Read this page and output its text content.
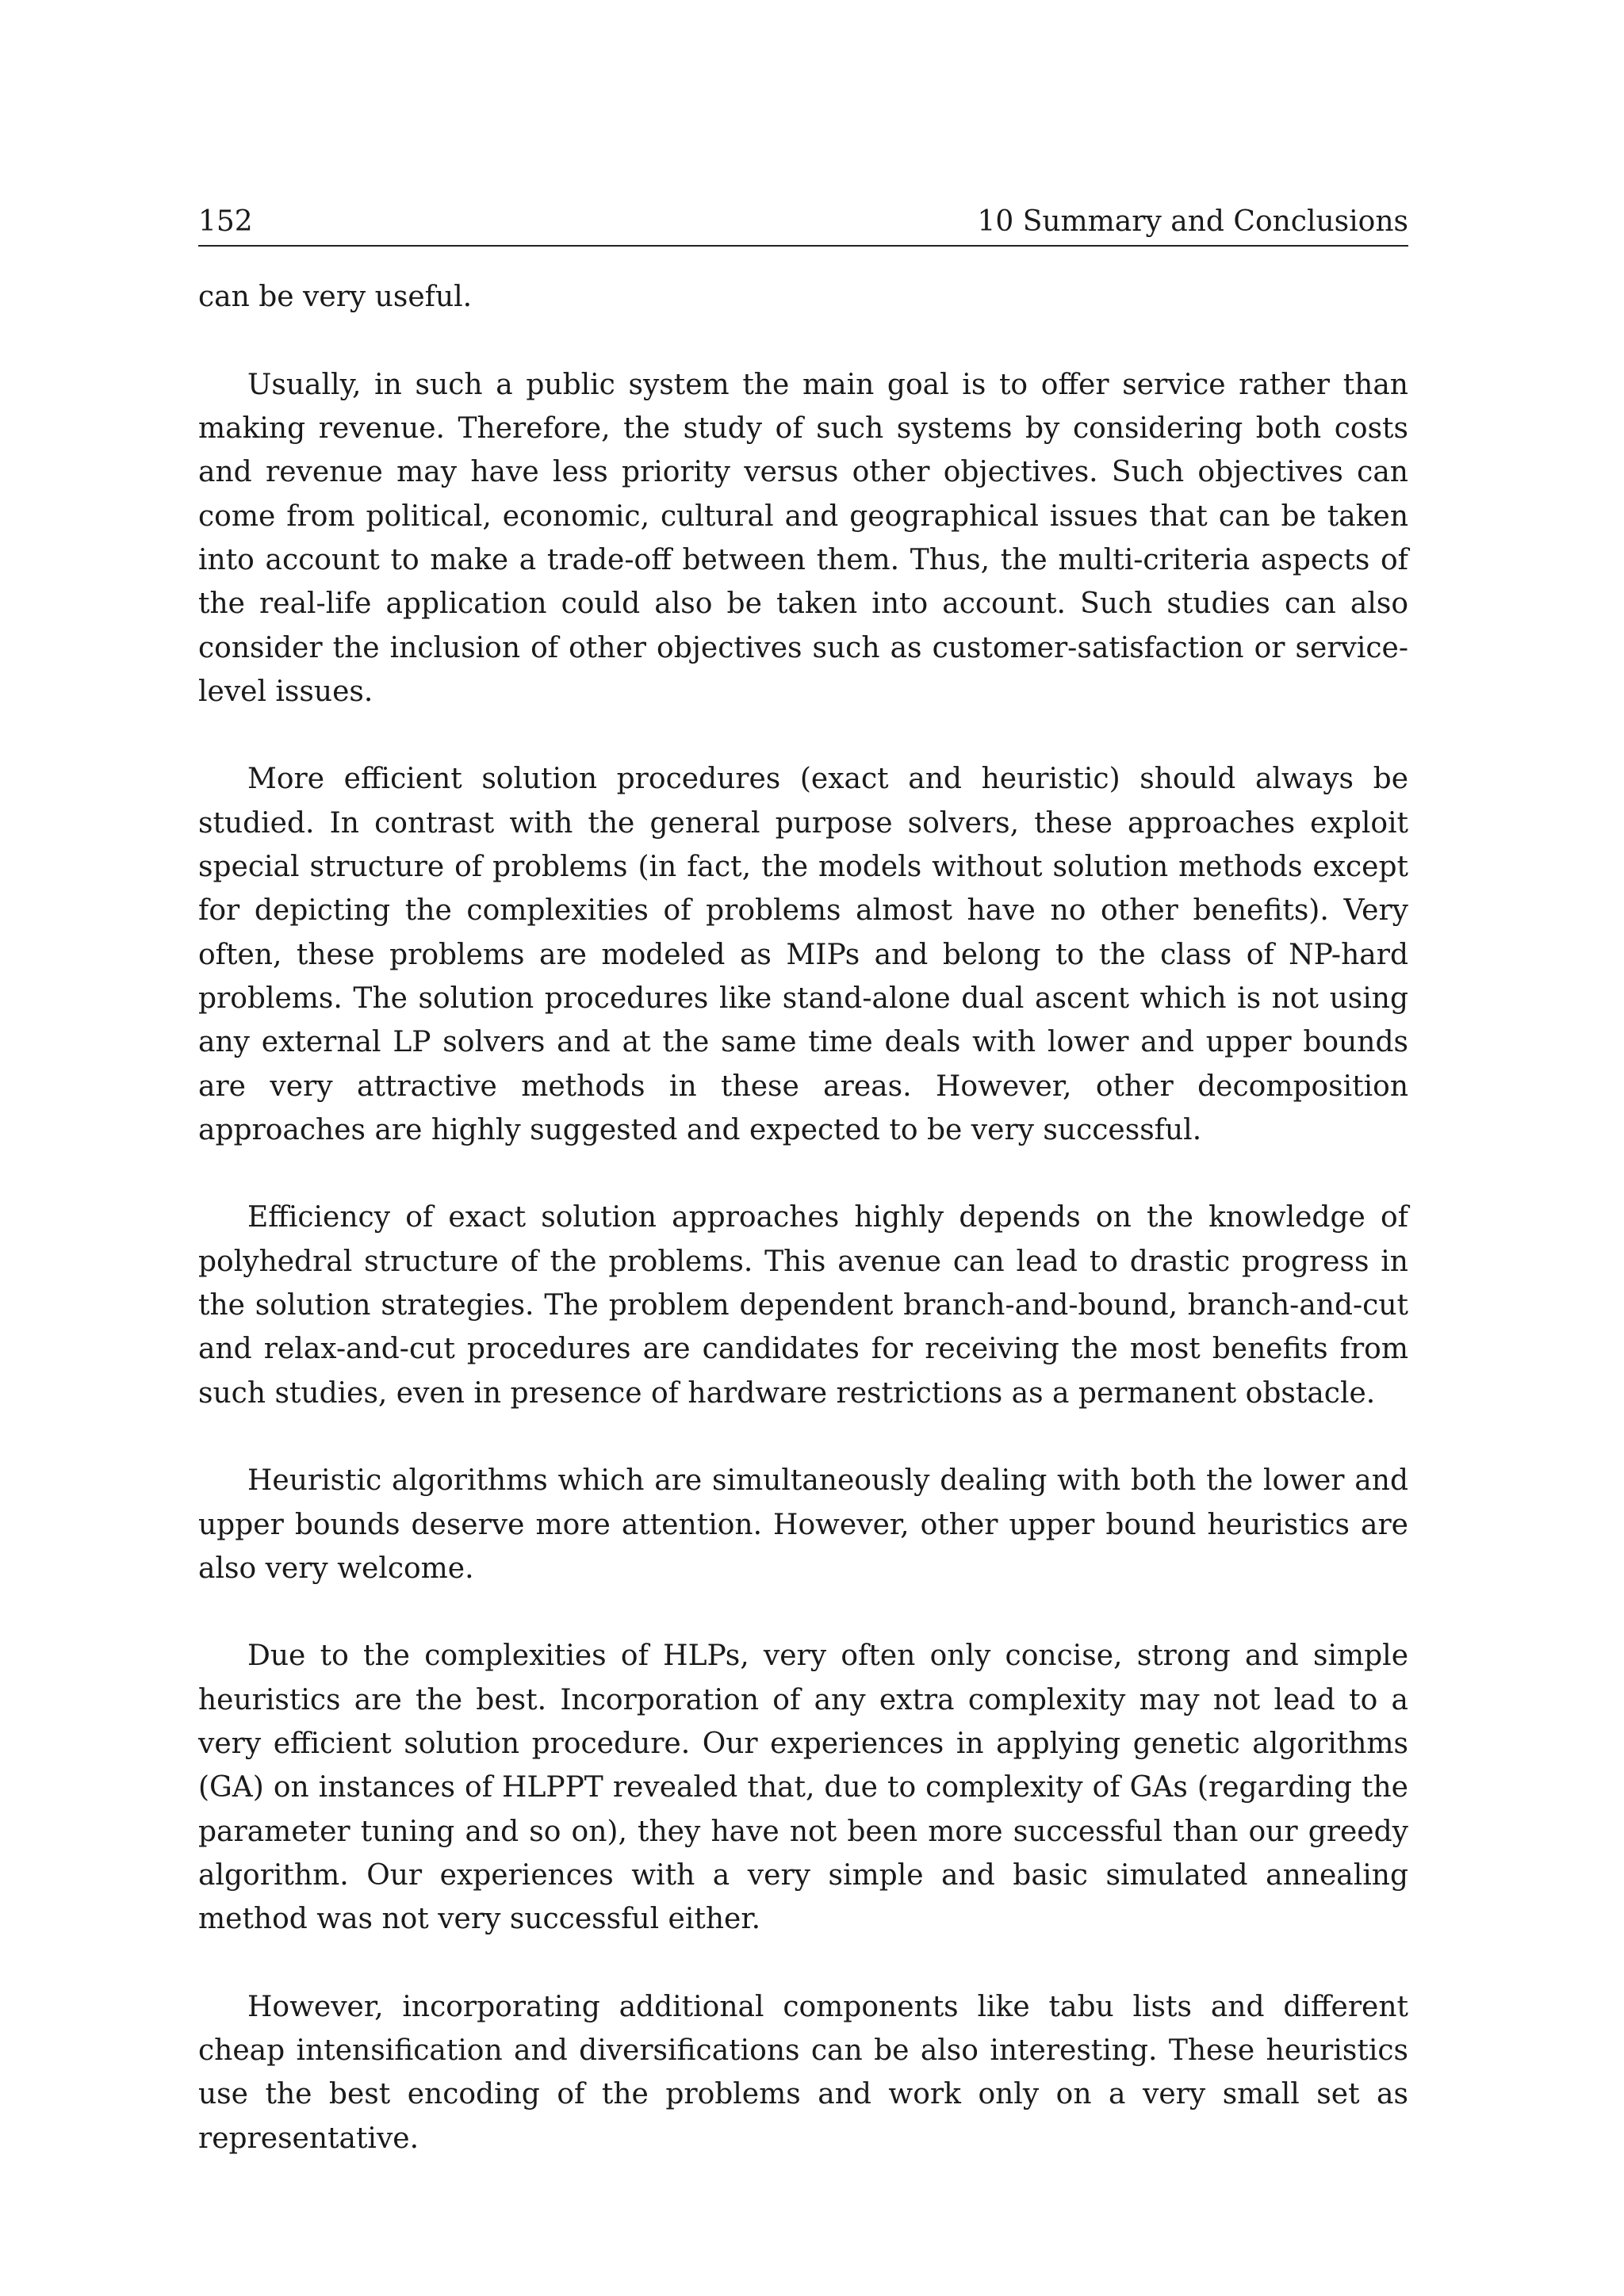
152	10 Summary and Conclusions

can be very useful.

Usually, in such a public system the main goal is to offer service rather than making revenue. Therefore, the study of such systems by considering both costs and revenue may have less priority versus other objectives. Such objectives can come from political, economic, cultural and geographical issues that can be taken into account to make a trade-off between them. Thus, the multi-criteria aspects of the real-life application could also be taken into account. Such studies can also consider the inclusion of other objectives such as customer-satisfaction or service-level issues.

More efficient solution procedures (exact and heuristic) should always be studied. In contrast with the general purpose solvers, these approaches exploit special structure of problems (in fact, the models without solution methods except for depicting the complexities of problems almost have no other benefits). Very often, these problems are modeled as MIPs and belong to the class of NP-hard problems. The solution procedures like stand-alone dual ascent which is not using any external LP solvers and at the same time deals with lower and upper bounds are very attractive methods in these areas. However, other decomposition approaches are highly suggested and expected to be very successful.

Efficiency of exact solution approaches highly depends on the knowledge of polyhedral structure of the problems. This avenue can lead to drastic progress in the solution strategies. The problem dependent branch-and-bound, branch-and-cut and relax-and-cut procedures are candidates for receiving the most benefits from such studies, even in presence of hardware restrictions as a permanent obstacle.

Heuristic algorithms which are simultaneously dealing with both the lower and upper bounds deserve more attention. However, other upper bound heuristics are also very welcome.

Due to the complexities of HLPs, very often only concise, strong and simple heuristics are the best. Incorporation of any extra complexity may not lead to a very efficient solution procedure. Our experiences in applying genetic algorithms (GA) on instances of HLPPT revealed that, due to complexity of GAs (regarding the parameter tuning and so on), they have not been more successful than our greedy algorithm. Our experiences with a very simple and basic simulated annealing method was not very successful either.

However, incorporating additional components like tabu lists and different cheap intensification and diversifications can be also interesting. These heuristics use the best encoding of the problems and work only on a very small set as representative.
